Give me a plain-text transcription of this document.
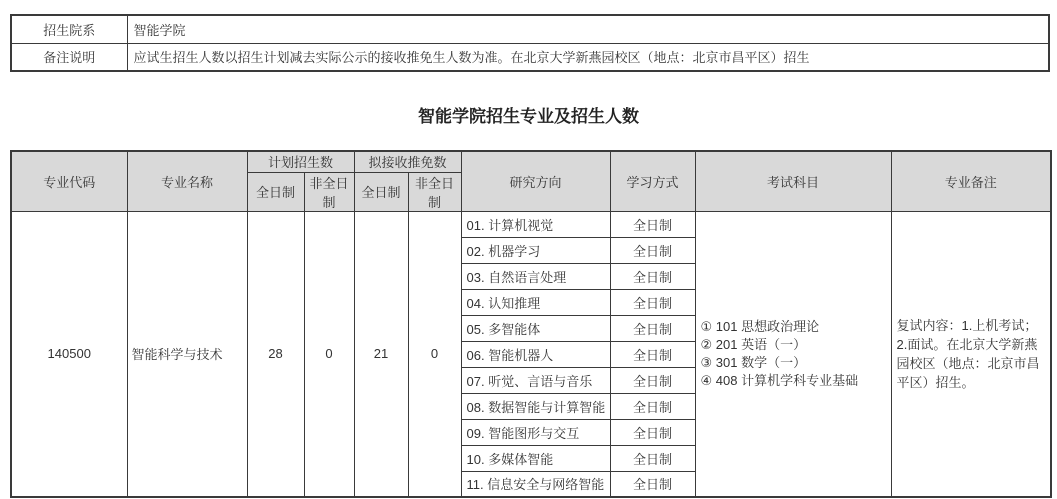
招生院系	智能学院
备注说明	应试生招生人数以招生计划减去实际公示的接收推免生人数为准。在北京大学新燕园校区（地点：北京市昌平区）招生
智能学院招生专业及招生人数
专业代码	专业名称	计划招生数		拟接收推免数		研究方向	学习方式	考试科目	专业备注
		全日制	非全日制	全日制	非全日制				
140500	智能科学与技术	28	0	21	0	01. 计算机视觉	全日制	① 101 思想政治理论
② 201 英语（一）
③ 301 数学（一）
④ 408 计算机学科专业基础	复试内容：1.上机考试；2.面试。在北京大学新燕园校区（地点：北京市昌平区）招生。
						02. 机器学习	全日制		
						03. 自然语言处理	全日制		
						04. 认知推理	全日制		
						05. 多智能体	全日制		
						06. 智能机器人	全日制		
						07. 听觉、言语与音乐	全日制		
						08. 数据智能与计算智能	全日制		
						09. 智能图形与交互	全日制		
						10. 多媒体智能	全日制		
						11. 信息安全与网络智能	全日制		
